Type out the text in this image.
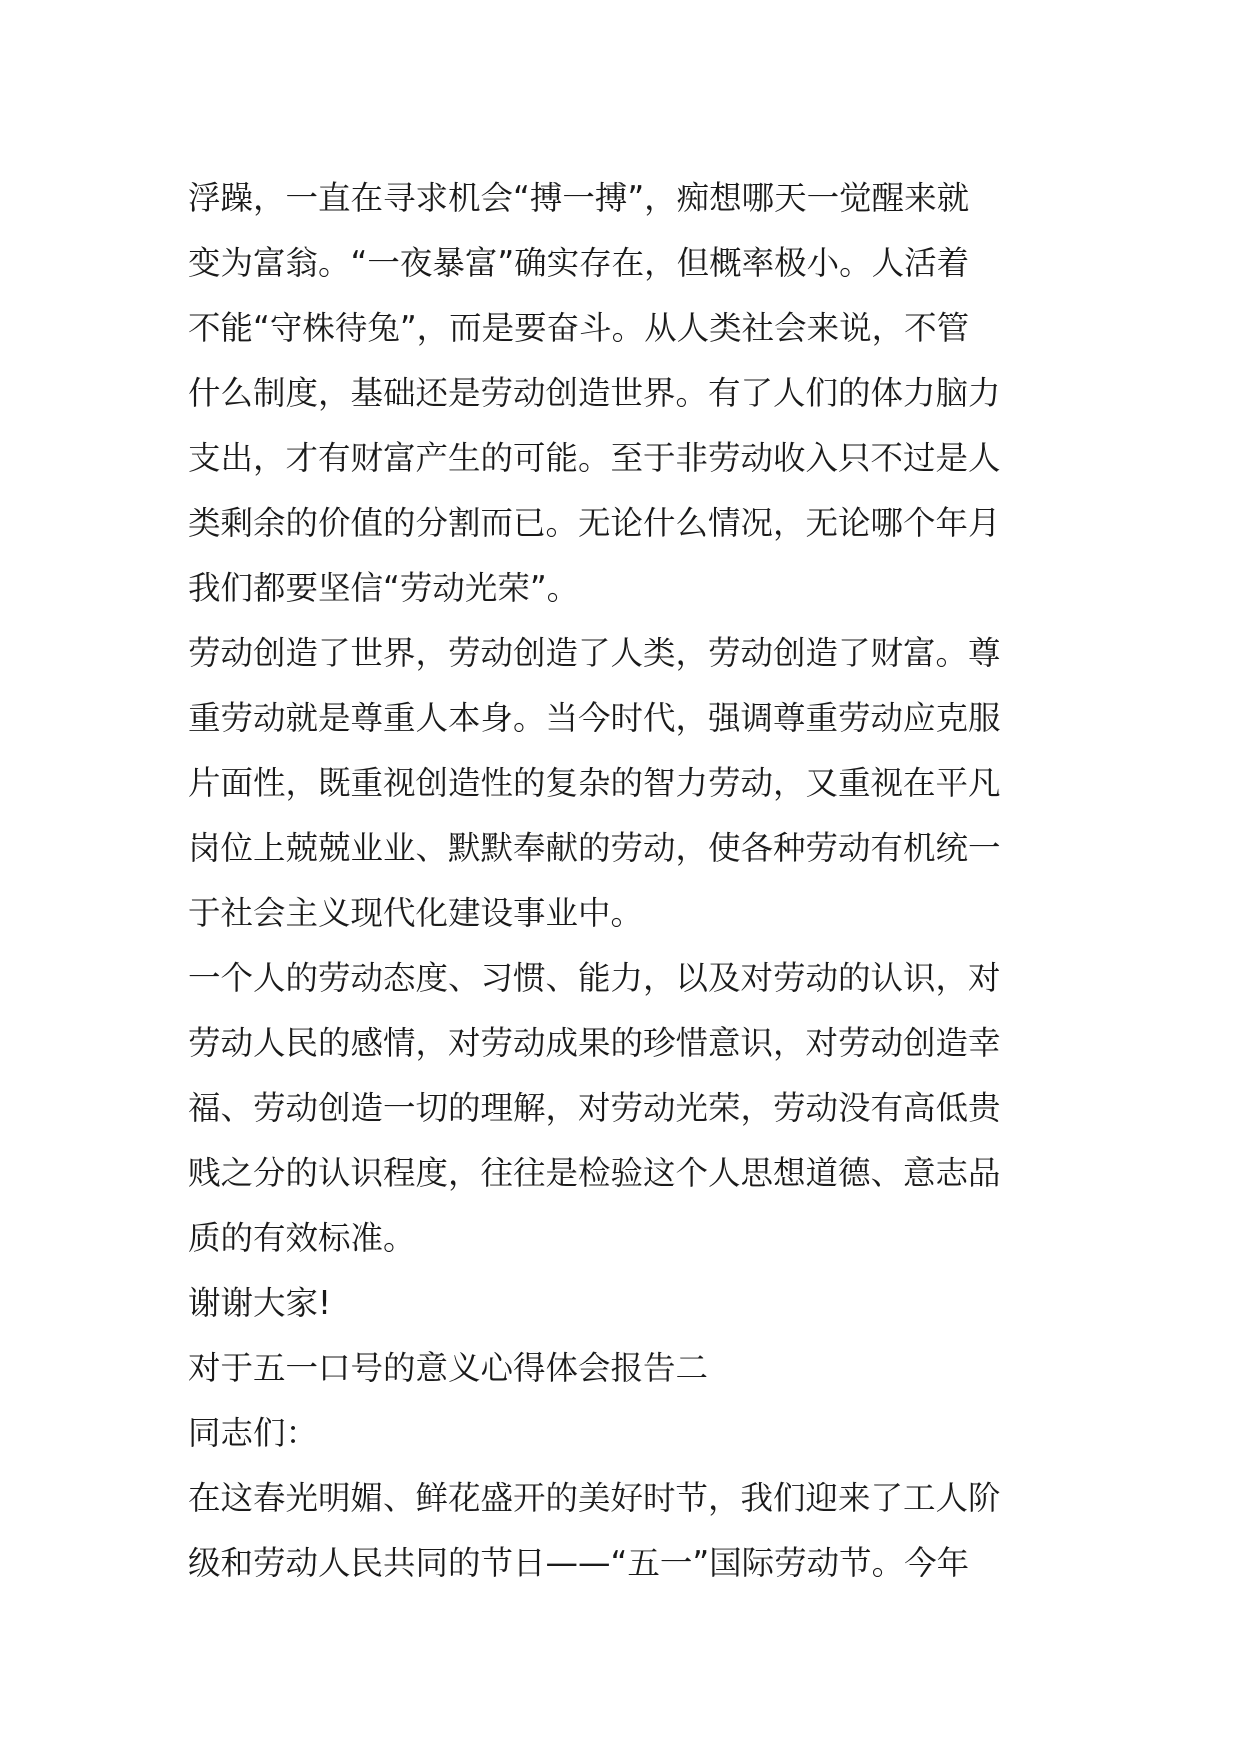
浮躁，一直在寻求机会“搏一搏”，痴想哪天一觉醒来就
变为富翁。“一夜暴富”确实存在，但概率极小。人活着
不能“守株待兔”，而是要奋斗。从人类社会来说，不管
什么制度，基础还是劳动创造世界。有了人们的体力脑力
支出，才有财富产生的可能。至于非劳动收入只不过是人
类剩余的价值的分割而已。无论什么情况，无论哪个年月
我们都要坚信“劳动光荣”。
劳动创造了世界，劳动创造了人类，劳动创造了财富。尊
重劳动就是尊重人本身。当今时代，强调尊重劳动应克服
片面性，既重视创造性的复杂的智力劳动，又重视在平凡
岗位上兢兢业业、默默奉献的劳动，使各种劳动有机统一
于社会主义现代化建设事业中。
一个人的劳动态度、习惯、能力，以及对劳动的认识，对
劳动人民的感情，对劳动成果的珍惜意识，对劳动创造幸
福、劳动创造一切的理解，对劳动光荣，劳动没有高低贵
贱之分的认识程度，往往是检验这个人思想道德、意志品
质的有效标准。
谢谢大家!
对于五一口号的意义心得体会报告二
同志们：
在这春光明媚、鲜花盛开的美好时节，我们迎来了工人阶
级和劳动人民共同的节日——“五一”国际劳动节。今年
